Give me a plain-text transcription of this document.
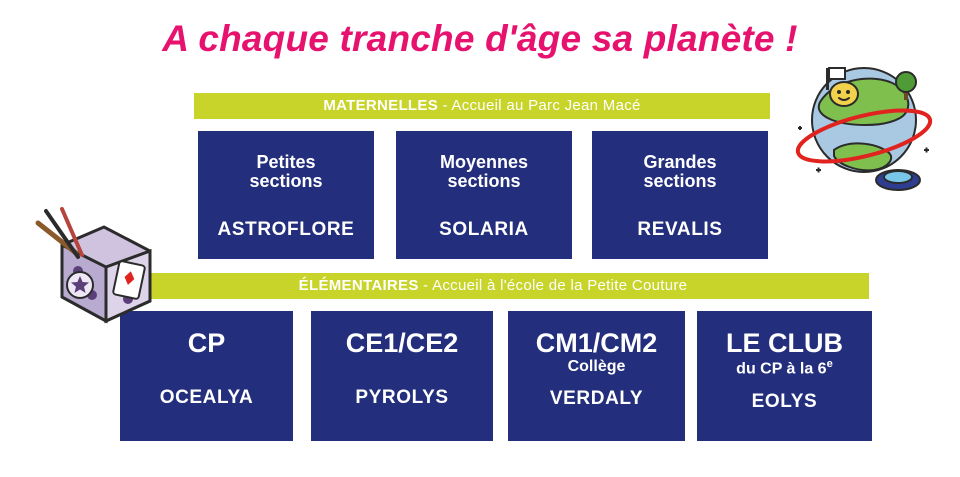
A chaque tranche d'âge sa planète !
MATERNELLES - Accueil au Parc Jean Macé
Petites
sections
ASTROFLORE
Moyennes
sections
SOLARIA
Grandes
sections
REVALIS
ÉLÉMENTAIRES - Accueil à l'école de la Petite Couture
CP
OCEALYA
CE1/CE2
PYROLYS
CM1/CM2
Collège
VERDALY
LE CLUB
du CP à la 6e
EOLYS
